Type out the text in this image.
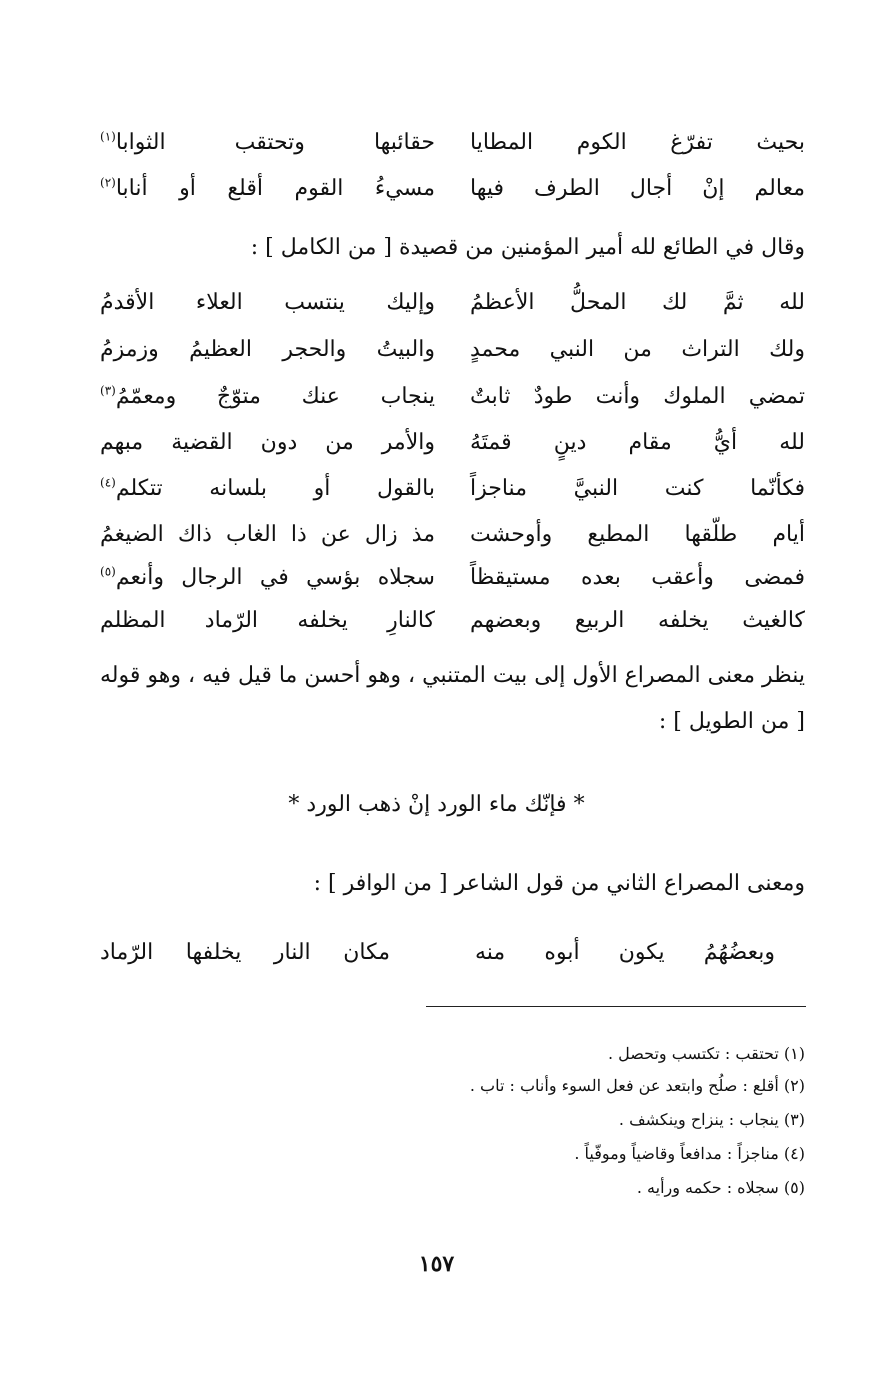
بحيث تفرّغ الكوم المطايا
حقائبها وتحتقب الثوابا$^{(١)}$
معالم إنْ أجال الطرف فيها
مسيءُ القوم أقلع أو أنابا$^{(٢)}$
وقال في الطائع لله أمير المؤمنين من قصيدة [ من الكامل ] :
لله ثمَّ لك المحلُّ الأعظمُ
وإليك ينتسب العلاء الأقدمُ
ولك التراث من النبي محمدٍ
والبيتُ والحجر العظيمُ وزمزمُ
تمضي الملوك وأنت طودٌ ثابتٌ
ينجاب عنك متوّجٌ ومعمّمُ$^{(٣)}$
لله أيُّ مقام دينٍ قمتَهُ
والأمر من دون القضية مبهم
فكأنّما كنت النبيَّ مناجزاً
بالقول أو بلسانه تتكلم$^{(٤)}$
أيام طلّقها المطيع وأوحشت
مذ زال عن ذا الغاب ذاك الضيغمُ
فمضى وأعقب بعده مستيقظاً
سجلاه بؤسي في الرجال وأنعم$^{(٥)}$
كالغيث يخلفه الربيع وبعضهم
كالنارِ يخلفه الرّماد المظلم
ينظر معنى المصراع الأول إلى بيت المتنبي ، وهو أحسن ما قيل فيه ، وهو قوله
[ من الطويل ] :
* فإنّك ماء الورد إنْ ذهب الورد *
ومعنى المصراع الثاني من قول الشاعر [ من الوافر ] :
وبعضُهُمُ يكون أبوه منه
مكان النار يخلفها الرّماد
(١) تحتقب : تكتسب وتحصل .
(٢) أقلع : صلُح وابتعد عن فعل السوء وأناب : تاب .
(٣) ينجاب : ينزاح وينكشف .
(٤) مناجزاً : مدافعاً وقاضياً وموفّياً .
(٥) سجلاه : حكمه ورأيه .
١٥٧
